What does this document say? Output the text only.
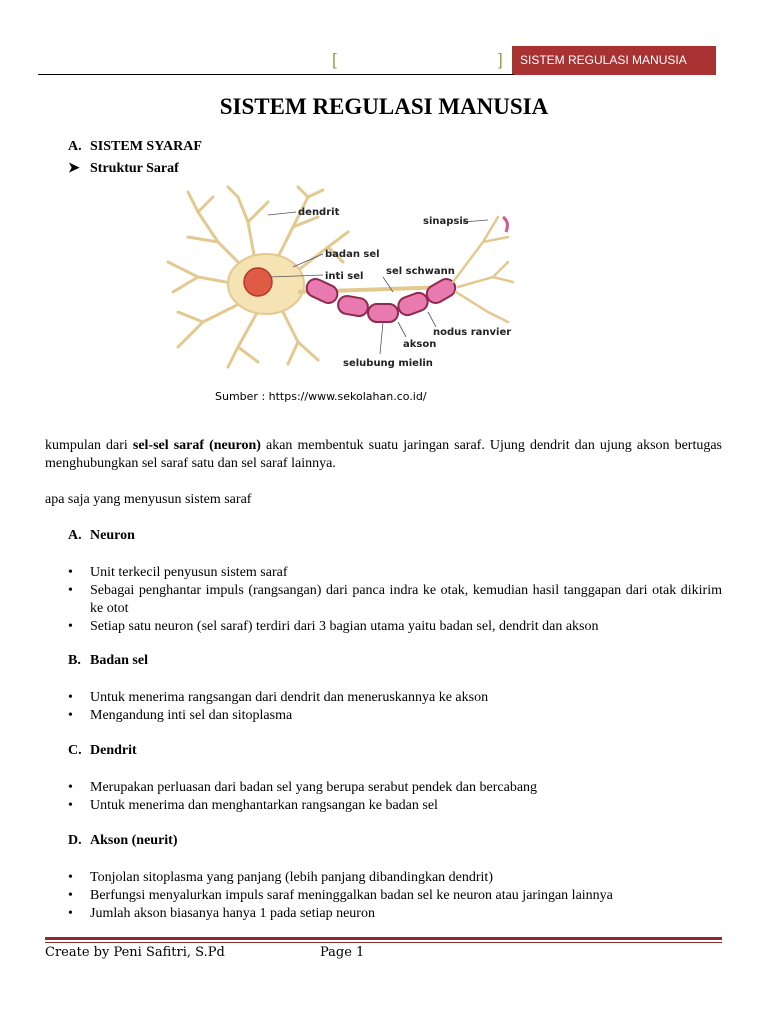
[	]	SISTEM REGULASI MANUSIA
SISTEM REGULASI MANUSIA
A. SISTEM SYARAF
➤ Struktur Saraf
dendrit
sinapsis
badan sel
inti sel sel schwann
nodus ranvier
akson
selubung mielin
Sumber : https://www.sekolahan.co.id/
kumpulan dari sel-sel saraf (neuron) akan membentuk suatu jaringan saraf. Ujung dendrit dan ujung akson bertugas menghubungkan sel saraf satu dan sel saraf lainnya.
apa saja yang menyusun sistem saraf
A. Neuron
• Unit terkecil penyusun sistem saraf
• Sebagai penghantar impuls (rangsangan) dari panca indra ke otak, kemudian hasil tanggapan dari otak dikirim ke otot
• Setiap satu neuron (sel saraf) terdiri dari 3 bagian utama yaitu badan sel, dendrit dan akson
B. Badan sel
• Untuk menerima rangsangan dari dendrit dan meneruskannya ke akson
• Mengandung inti sel dan sitoplasma
C. Dendrit
• Merupakan perluasan dari badan sel yang berupa serabut pendek dan bercabang
• Untuk menerima dan menghantarkan rangsangan ke badan sel
D. Akson (neurit)
• Tonjolan sitoplasma yang panjang (lebih panjang dibandingkan dendrit)
• Berfungsi menyalurkan impuls saraf meninggalkan badan sel ke neuron atau jaringan lainnya
• Jumlah akson biasanya hanya 1 pada setiap neuron
Create by Peni Safitri, S.Pd	Page 1
